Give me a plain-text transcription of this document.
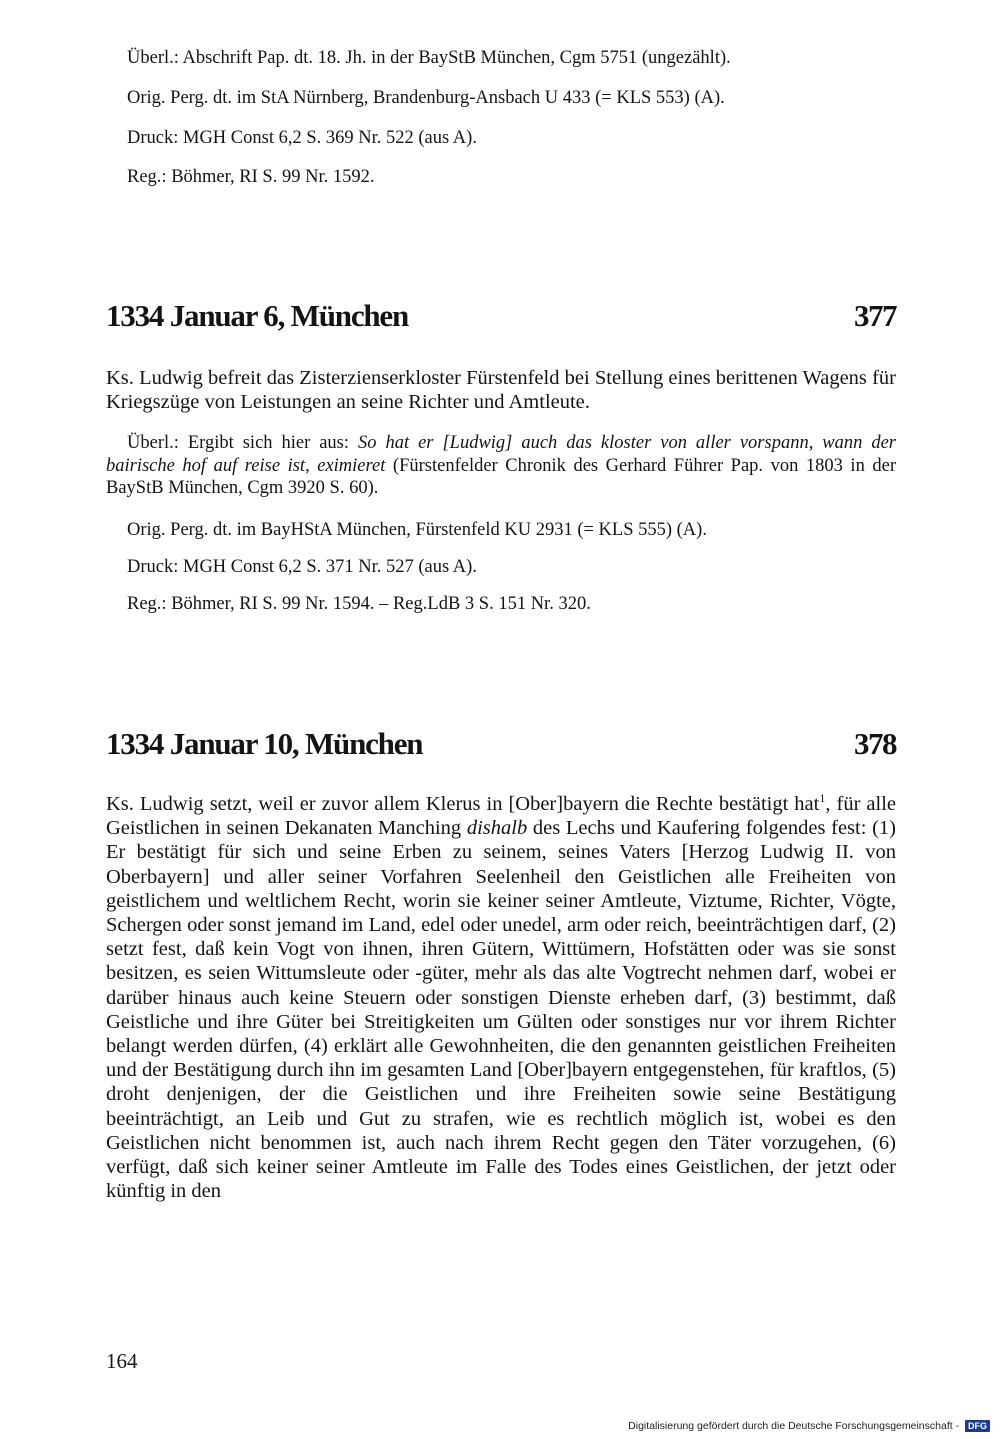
Überl.: Abschrift Pap. dt. 18. Jh. in der BayStB München, Cgm 5751 (ungezählt).
Orig. Perg. dt. im StA Nürnberg, Brandenburg-Ansbach U 433 (= KLS 553) (A).
Druck: MGH Const 6,2 S. 369 Nr. 522 (aus A).
Reg.: Böhmer, RI S. 99 Nr. 1592.
1334 Januar 6, München	377
Ks. Ludwig befreit das Zisterzienserkloster Fürstenfeld bei Stellung eines berittenen Wagens für Kriegszüge von Leistungen an seine Richter und Amtleute.
Überl.: Ergibt sich hier aus: So hat er [Ludwig] auch das kloster von aller vorspann, wann der bairische hof auf reise ist, eximieret (Fürstenfelder Chronik des Gerhard Führer Pap. von 1803 in der BayStB München, Cgm 3920 S. 60).
Orig. Perg. dt. im BayHStA München, Fürstenfeld KU 2931 (= KLS 555) (A).
Druck: MGH Const 6,2 S. 371 Nr. 527 (aus A).
Reg.: Böhmer, RI S. 99 Nr. 1594. – Reg.LdB 3 S. 151 Nr. 320.
1334 Januar 10, München	378
Ks. Ludwig setzt, weil er zuvor allem Klerus in [Ober]bayern die Rechte bestätigt hat$^1$, für alle Geistlichen in seinen Dekanaten Manching dishalb des Lechs und Kaufering folgendes fest: (1) Er bestätigt für sich und seine Erben zu seinem, seines Vaters [Herzog Ludwig II. von Oberbayern] und aller seiner Vorfahren Seelenheil den Geistlichen alle Freiheiten von geistlichem und weltlichem Recht, worin sie keiner seiner Amtleute, Viztume, Richter, Vögte, Schergen oder sonst jemand im Land, edel oder unedel, arm oder reich, beeinträchtigen darf, (2) setzt fest, daß kein Vogt von ihnen, ihren Gütern, Wittümern, Hofstätten oder was sie sonst besitzen, es seien Wittumsleute oder -güter, mehr als das alte Vogtrecht nehmen darf, wobei er darüber hinaus auch keine Steuern oder sonstigen Dienste erheben darf, (3) bestimmt, daß Geistliche und ihre Güter bei Streitigkeiten um Gülten oder sonstiges nur vor ihrem Richter belangt werden dürfen, (4) erklärt alle Gewohnheiten, die den genannten geistlichen Freiheiten und der Bestätigung durch ihn im gesamten Land [Ober]bayern entgegenstehen, für kraftlos, (5) droht denjenigen, der die Geistlichen und ihre Freiheiten sowie seine Bestätigung beeinträchtigt, an Leib und Gut zu strafen, wie es rechtlich möglich ist, wobei es den Geistlichen nicht benommen ist, auch nach ihrem Recht gegen den Täter vorzugehen, (6) verfügt, daß sich keiner seiner Amtleute im Falle des Todes eines Geistlichen, der jetzt oder künftig in den
164
Digitalisierung gefördert durch die Deutsche Forschungsgemeinschaft - DFG
